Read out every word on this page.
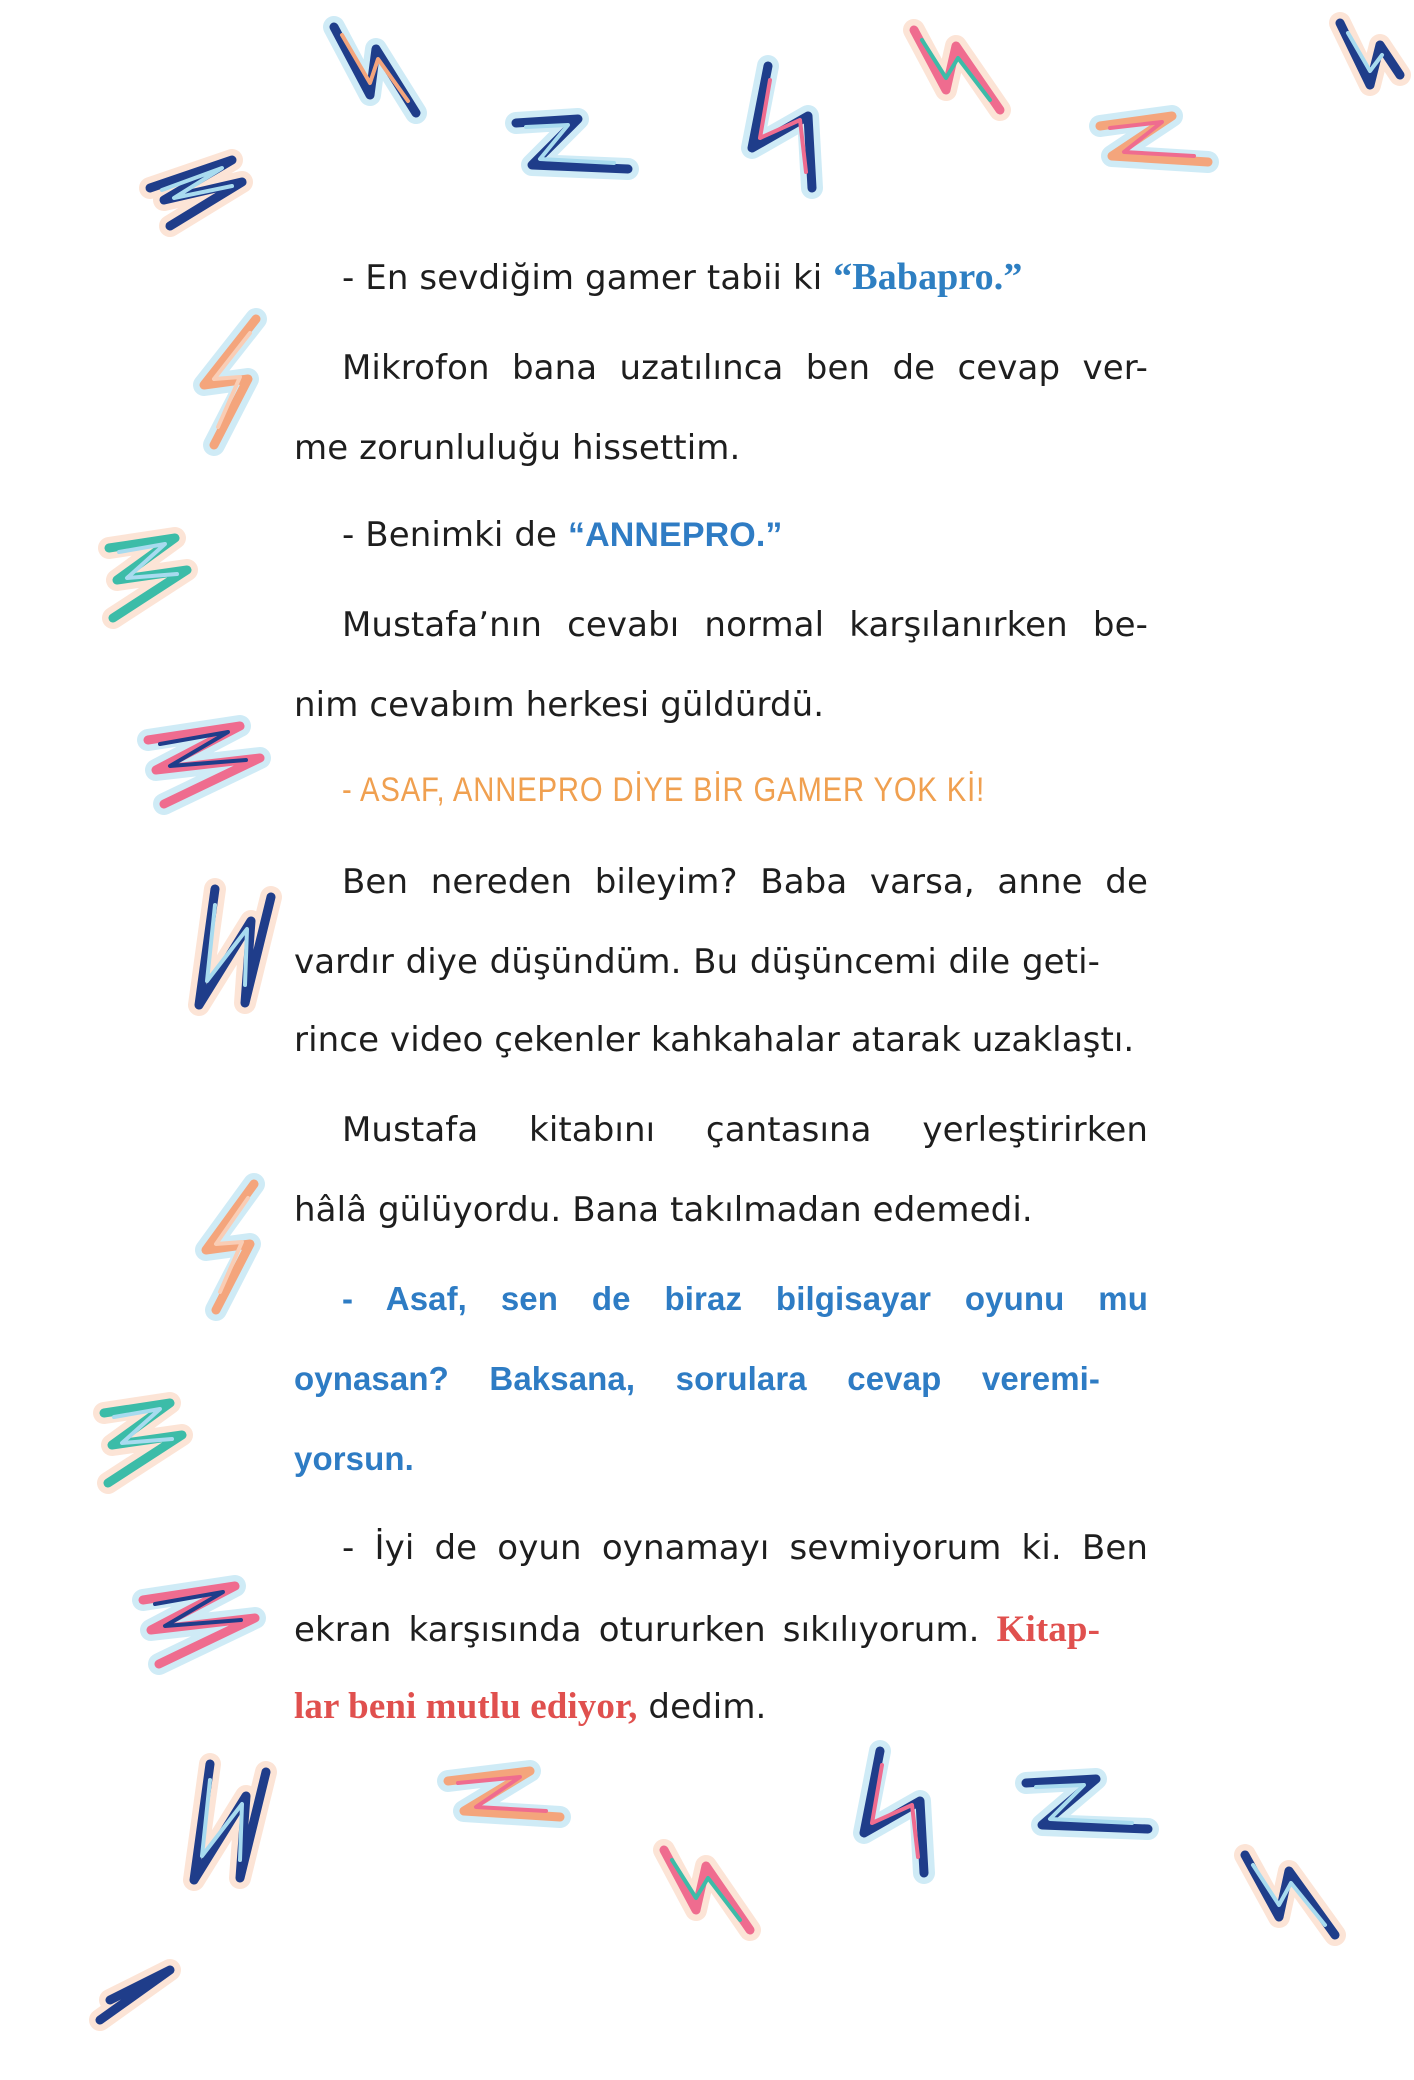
- En sevdiğim gamer tabii ki “Babapro.”
Mikrofon bana uzatılınca ben de cevap ver-
me zorunluluğu hissettim.
- Benimki de “ANNEPRO.”
Mustafa’nın cevabı normal karşılanırken be-
nim cevabım herkesi güldürdü.
- ASAF, ANNEPRO DİYE BİR GAMER YOK Kİ!
Ben nereden bileyim? Baba varsa, anne de
vardır diye düşündüm. Bu düşüncemi dile geti-
rince video çekenler kahkahalar atarak uzaklaştı.
Mustafa kitabını çantasına yerleştirirken
hâlâ gülüyordu. Bana takılmadan edemedi.
- Asaf, sen de biraz bilgisayar oyunu mu
oynasan? Baksana, sorulara cevap veremi-
yorsun.
- İyi de oyun oynamayı sevmiyorum ki. Ben
ekran karşısında otururken sıkılıyorum. Kitap-
lar beni mutlu ediyor, dedim.
